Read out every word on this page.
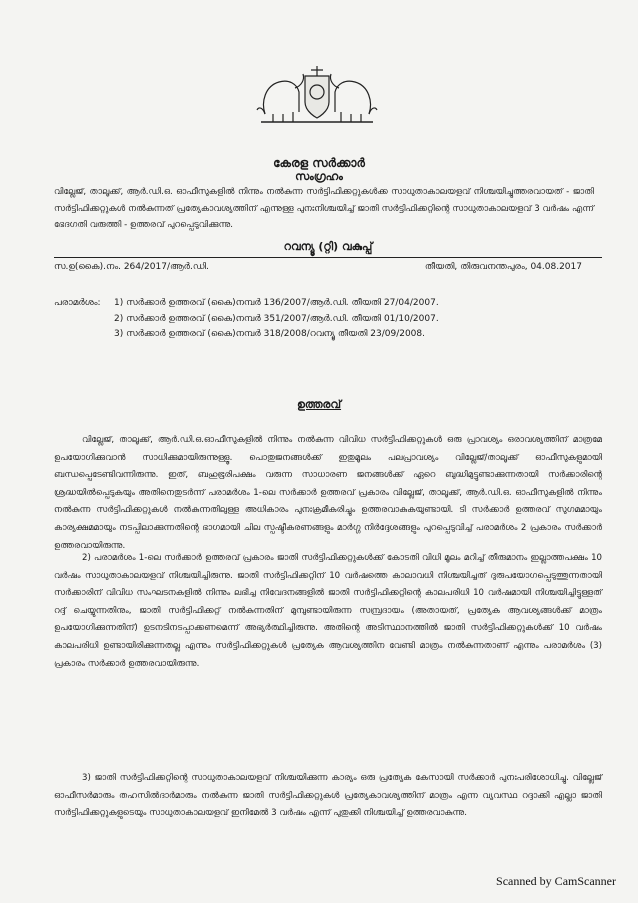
കേരള സർക്കാർ
സംഗ്രഹം
വില്ലേജ്, താലൂക്ക്, ആർ.ഡി.ഒ. ഓഫീസുകളിൽ നിന്നും നൽകുന്ന സർട്ടിഫിക്കറ്റുകൾക്ക സാധുതാകാലയളവ് നിശ്ചയിച്ചുത്തരവായത് - ജാതി സർട്ടിഫിക്കറ്റുകൾ നൽകുന്നത് പ്രത്യേകാവശ്യത്തിന് എന്നുള്ള പുനഃനിശ്ചയിച്ച് ജാതി സർട്ടിഫിക്കറ്റിന്റെ സാധുതാകാലയളവ് 3 വർഷം എന്ന് ഭേദഗതി വരുത്തി - ഉത്തരവ് പുറപ്പെടുവിക്കുന്നു.
റവന്യൂ (റ്റി) വകുപ്പ്
സ.ഉ(കൈ).നം. 264/2017/ആർ.ഡി.	തീയതി, തിരുവനന്തപുരം, 04.08.2017
പരാമർശം:	1) സർക്കാർ ഉത്തരവ് (കൈ)നമ്പർ 136/2007/ആർ.ഡി. തീയതി 27/04/2007.
2) സർക്കാർ ഉത്തരവ് (കൈ)നമ്പർ 351/2007/ആർ.ഡി. തീയതി 01/10/2007.
3) സർക്കാർ ഉത്തരവ് (കൈ)നമ്പർ 318/2008/റവന്യൂ തീയതി 23/09/2008.
ഉത്തരവ്
വില്ലേജ്, താലൂക്ക്, ആർ.ഡി.ഒ.ഓഫീസുകളിൽ നിന്നും നൽകുന്ന വിവിധ സർട്ടിഫിക്കറ്റുകൾ ഒരു പ്രാവശ്യം ഒരാവശ്യത്തിന് മാത്രമേ ഉപയോഗിക്കുവാൻ സാധിക്കുമായിരുന്നുള്ളൂ. പൊതുജനങ്ങൾക്ക് ഇതുമൂലം പലപ്രാവശ്യം വില്ലേജ്/താലൂക്ക് ഓഫീസുകളുമായി ബന്ധപ്പെടേണ്ടിവന്നിരുന്നു. ഇത്, ബഹുഭൂരിപക്ഷം വരുന്ന സാധാരണ ജനങ്ങൾക്ക് ഏറെ ബുദ്ധിമുട്ടുണ്ടാക്കുന്നതായി സർക്കാരിന്റെ ശ്രദ്ധയിൽപ്പെടുകയും അതിനെതുടർന്ന് പരാമർശം 1-ലെ സർക്കാർ ഉത്തരവ് പ്രകാരം വില്ലേജ്, താലൂക്ക്, ആർ.ഡി.ഒ. ഓഫീസുകളിൽ നിന്നും നൽകുന്ന സർട്ടിഫിക്കറ്റുകൾ നൽകുന്നതിലുള്ള അധികാരം പുനഃക്രമീകരിച്ചും ഉത്തരവാകുകയുണ്ടായി. ടി സർക്കാർ ഉത്തരവ് സുഗമമായും കാര്യക്ഷമമായും നടപ്പിലാക്കുന്നതിന്റെ ഭാഗമായി ചില സ്പഷ്ടീകരണങ്ങളും മാർഗ്ഗ നിർദ്ദേശങ്ങളും പുറപ്പെടുവിച്ച് പരാമർശം 2 പ്രകാരം സർക്കാർ ഉത്തരവായിരുന്നു.
2) പരാമർശം 1-ലെ സർക്കാർ ഉത്തരവ് പ്രകാരം ജാതി സർട്ടിഫിക്കറ്റുകൾക്ക് കോടതി വിധി മൂലം മറിച്ച് തീരുമാനം ഇല്ലാത്തപക്ഷം 10 വർഷം സാധുതാകാലയളവ് നിശ്ചയിച്ചിരുന്നു. ജാതി സർട്ടിഫിക്കറ്റിന് 10 വർഷത്തെ കാലാവധി നിശ്ചയിച്ചത് ദുരുപയോഗപ്പെടുത്തുന്നതായി സർക്കാരിന് വിവിധ സംഘടനകളിൽ നിന്നും ലഭിച്ച നിവേദനങ്ങളിൽ ജാതി സർട്ടിഫിക്കറ്റിന്റെ കാലപരിധി 10 വർഷമായി നിശ്ചയിച്ചിട്ടുള്ളത് റദ്ദ് ചെയ്യുന്നതിനും, ജാതി സർട്ടിഫിക്കറ്റ് നൽകുന്നതിന് മുമ്പുണ്ടായിരുന്ന സമ്പ്രദായം (അതായത്, പ്രത്യേക ആവശ്യങ്ങൾക്ക് മാത്രം ഉപയോഗിക്കുന്നതിന്) ഉടനടിനടപ്പാക്കണമെന്ന് അഭ്യർത്ഥിച്ചിരുന്നു. അതിന്റെ അടിസ്ഥാനത്തിൽ ജാതി സർട്ടിഫിക്കറ്റുകൾക്ക് 10 വർഷം കാലപരിധി ഉണ്ടായിരിക്കുന്നതല്ല എന്നും സർട്ടിഫിക്കറ്റുകൾ പ്രത്യേക ആവശ്യത്തിന വേണ്ടി മാത്രം നൽകുന്നതാണ് എന്നും പരാമർശം (3) പ്രകാരം സർക്കാർ ഉത്തരവായിരുന്നു.
3) ജാതി സർട്ടിഫിക്കറ്റിന്റെ സാധുതാകാലയളവ് നിശ്ചയിക്കുന്ന കാര്യം ഒരു പ്രത്യേക കേസായി സർക്കാർ പുനഃപരിശോധിച്ചു. വില്ലേജ് ഓഫീസർമാരും തഹസിൽദാർമാരും നൽകുന്ന ജാതി സർട്ടിഫിക്കറ്റുകൾ പ്രത്യേകാവശ്യത്തിന് മാത്രം എന്ന വ്യവസ്ഥ റദ്ദാക്കി എല്ലാ ജാതി സർട്ടിഫിക്കറ്റുകളുടെയും സാധുതാകാലയളവ് ഇനിമേൽ 3 വർഷം എന്ന് പുതുക്കി നിശ്ചയിച്ച് ഉത്തരവാകുന്നു.
Scanned by CamScanner
